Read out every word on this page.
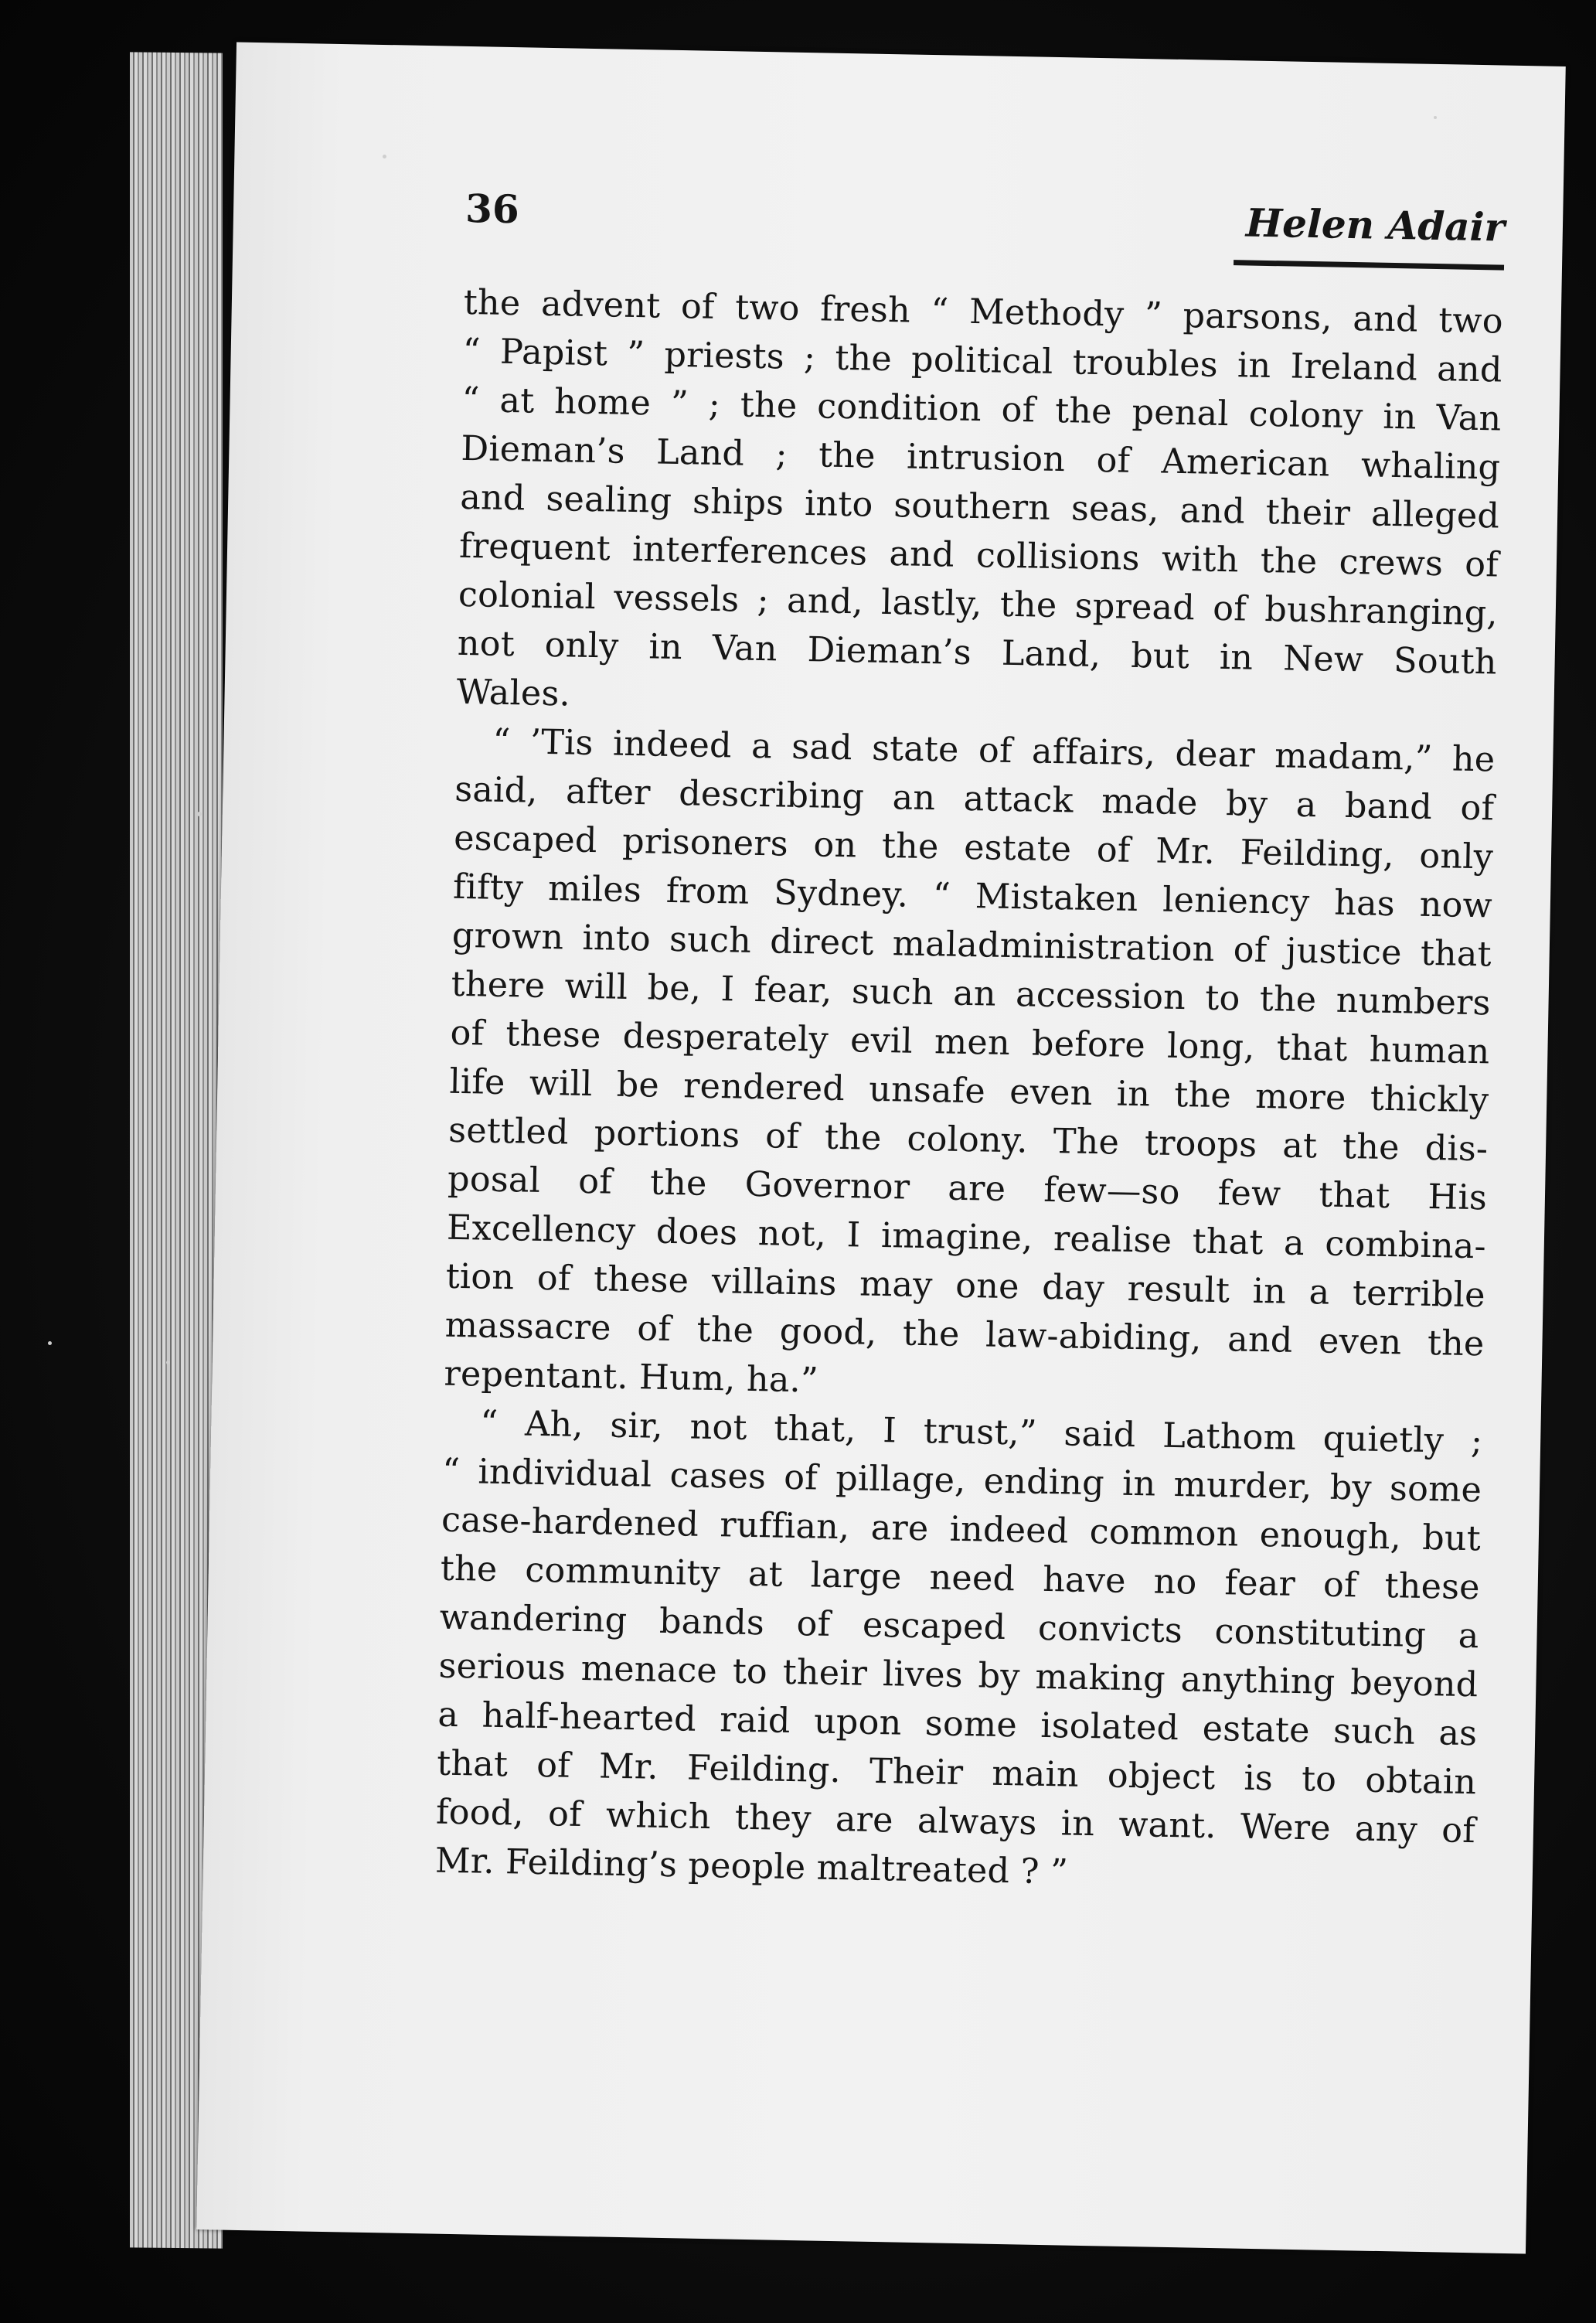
36	Helen Adair
the advent of two fresh “ Methody ” parsons, and two
“ Papist ” priests ; the political troubles in Ireland and
“ at home ” ; the condition of the penal colony in Van
Dieman’s Land ; the intrusion of American whaling
and sealing ships into southern seas, and their alleged
frequent interferences and collisions with the crews of
colonial vessels ; and, lastly, the spread of bushranging,
not only in Van Dieman’s Land, but in New South
Wales.
“ ’Tis indeed a sad state of affairs, dear madam,” he
said, after describing an attack made by a band of
escaped prisoners on the estate of Mr. Feilding, only
fifty miles from Sydney. “ Mistaken leniency has now
grown into such direct maladministration of justice that
there will be, I fear, such an accession to the numbers
of these desperately evil men before long, that human
life will be rendered unsafe even in the more thickly
settled portions of the colony. The troops at the dis-
posal of the Governor are few—so few that His
Excellency does not, I imagine, realise that a combina-
tion of these villains may one day result in a terrible
massacre of the good, the law-abiding, and even the
repentant. Hum, ha.”
“ Ah, sir, not that, I trust,” said Lathom quietly ;
“ individual cases of pillage, ending in murder, by some
case-hardened ruffian, are indeed common enough, but
the community at large need have no fear of these
wandering bands of escaped convicts constituting a
serious menace to their lives by making anything beyond
a half-hearted raid upon some isolated estate such as
that of Mr. Feilding. Their main object is to obtain
food, of which they are always in want. Were any of
Mr. Feilding’s people maltreated ? ”
